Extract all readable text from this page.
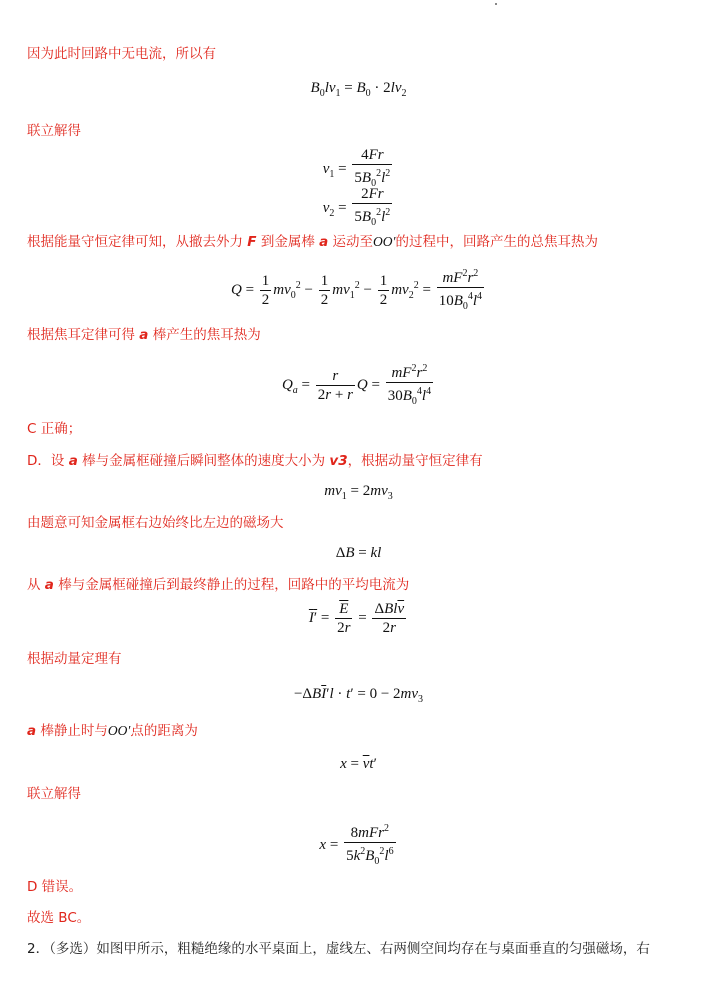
因为此时回路中无电流，所以有
$B_0lv_1 = B_0 \cdot 2lv_2$
联立解得
$v_1 = \frac{4Fr}{5B_0^2l^2}$
$v_2 = \frac{2Fr}{5B_0^2l^2}$
根据能量守恒定律可知，从撤去外力 F 到金属棒 a 运动至OO′的过程中，回路产生的总焦耳热为
$Q = \frac{1}{2} mv_0^2 - \frac{1}{2} mv_1^2 - \frac{1}{2} mv_2^2 = \frac{mF^2r^2}{10B_0^4l^4}$
根据焦耳定律可得 a 棒产生的焦耳热为
$Q_a = \frac{r}{2r + r}$ $Q = \frac{mF^2r^2}{30B_0^4l^4}$
C 正确；
D．设 a 棒与金属框碰撞后瞬间整体的速度大小为 v3，根据动量守恒定律有
$mv_1 = 2mv_3$
由题意可知金属框右边始终比左边的磁场大
ΔB = kl
从 a 棒与金属框碰撞后到最终静止的过程，回路中的平均电流为
$I' = \frac{\overline{E}}{2r} = \frac{\Delta Bl\overline{v}}{2r}$
根据动量定理有
$-\Delta B\overline{I}'l \cdot t' = 0 - 2mv_3$
a 棒静止时与OO′点的距离为
$x = \overline{v}t'$
联立解得
$x = \frac{8mFr^2}{5k^2B_0^2l^6}$
D 错误。
故选 BC。
2．（多选）如图甲所示，粗糙绝缘的水平桌面上，虚线左、右两侧空间均存在与桌面垂直的匀强磁场，右
